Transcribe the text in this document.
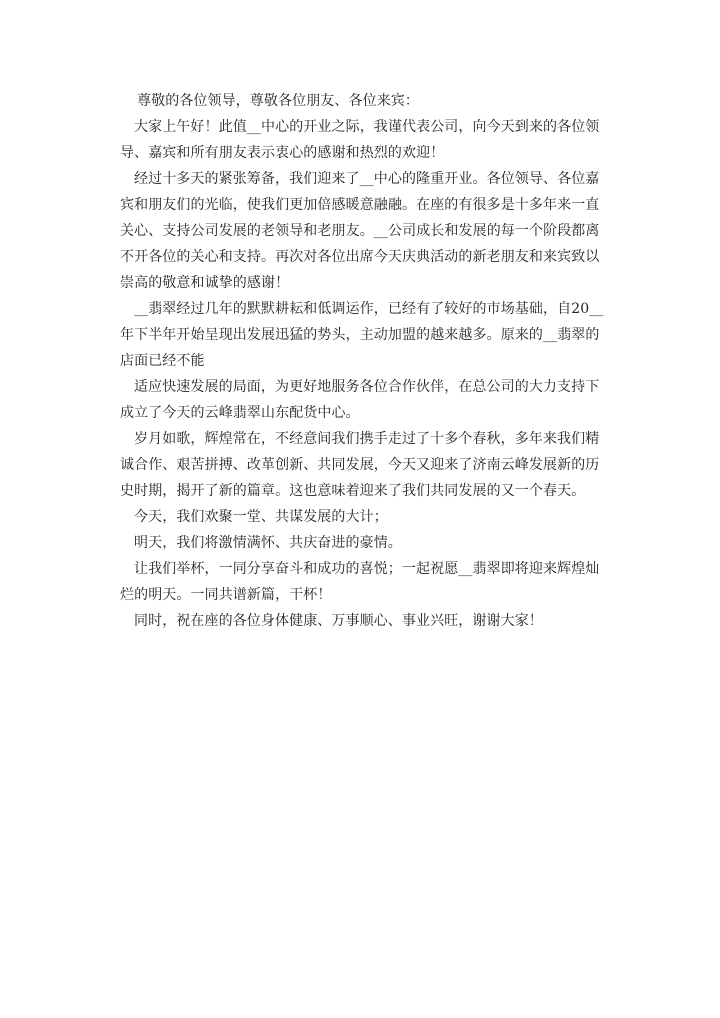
尊敬的各位领导，尊敬各位朋友、各位来宾：
大家上午好！此值__中心的开业之际，我谨代表公司，向今天到来的各位领
导、嘉宾和所有朋友表示衷心的感谢和热烈的欢迎！
经过十多天的紧张筹备，我们迎来了__中心的隆重开业。各位领导、各位嘉
宾和朋友们的光临，使我们更加倍感暖意融融。在座的有很多是十多年来一直
关心、支持公司发展的老领导和老朋友。__公司成长和发展的每一个阶段都离
不开各位的关心和支持。再次对各位出席今天庆典活动的新老朋友和来宾致以
崇高的敬意和诚挚的感谢！
__翡翠经过几年的默默耕耘和低调运作，已经有了较好的市场基础，自20__
年下半年开始呈现出发展迅猛的势头，主动加盟的越来越多。原来的__翡翠的
店面已经不能
适应快速发展的局面，为更好地服务各位合作伙伴，在总公司的大力支持下
成立了今天的云峰翡翠山东配货中心。
岁月如歌，辉煌常在，不经意间我们携手走过了十多个春秋，多年来我们精
诚合作、艰苦拼搏、改革创新、共同发展，今天又迎来了济南云峰发展新的历
史时期，揭开了新的篇章。这也意味着迎来了我们共同发展的又一个春天。
今天，我们欢聚一堂、共谋发展的大计；
明天，我们将激情满怀、共庆奋进的豪情。
让我们举杯，一同分享奋斗和成功的喜悦；一起祝愿__翡翠即将迎来辉煌灿
烂的明天。一同共谱新篇，干杯！
同时，祝在座的各位身体健康、万事顺心、事业兴旺，谢谢大家！
